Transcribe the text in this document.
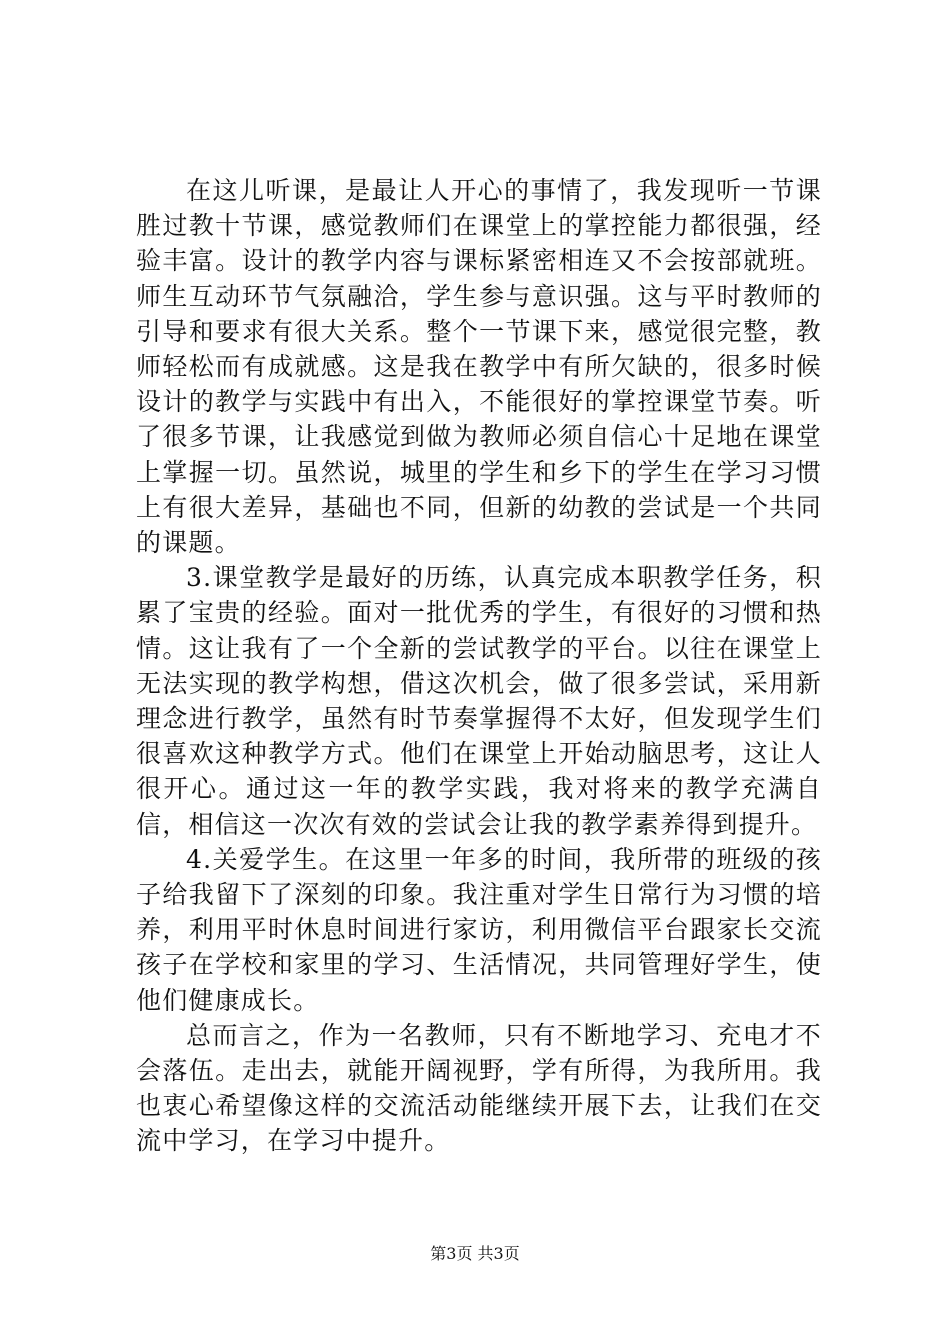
在这儿听课，是最让人开心的事情了，我发现听一节课胜过教十节课，感觉教师们在课堂上的掌控能力都很强，经验丰富。设计的教学内容与课标紧密相连又不会按部就班。师生互动环节气氛融洽，学生参与意识强。这与平时教师的引导和要求有很大关系。整个一节课下来，感觉很完整，教师轻松而有成就感。这是我在教学中有所欠缺的，很多时候设计的教学与实践中有出入，不能很好的掌控课堂节奏。听了很多节课，让我感觉到做为教师必须自信心十足地在课堂上掌握一切。虽然说，城里的学生和乡下的学生在学习习惯上有很大差异，基础也不同，但新的幼教的尝试是一个共同的课题。

3.课堂教学是最好的历练，认真完成本职教学任务，积累了宝贵的经验。面对一批优秀的学生，有很好的习惯和热情。这让我有了一个全新的尝试教学的平台。以往在课堂上无法实现的教学构想，借这次机会，做了很多尝试，采用新理念进行教学，虽然有时节奏掌握得不太好，但发现学生们很喜欢这种教学方式。他们在课堂上开始动脑思考，这让人很开心。通过这一年的教学实践，我对将来的教学充满自信，相信这一次次有效的尝试会让我的教学素养得到提升。

4.关爱学生。在这里一年多的时间，我所带的班级的孩子给我留下了深刻的印象。我注重对学生日常行为习惯的培养，利用平时休息时间进行家访，利用微信平台跟家长交流孩子在学校和家里的学习、生活情况，共同管理好学生，使他们健康成长。

总而言之，作为一名教师，只有不断地学习、充电才不会落伍。走出去，就能开阔视野，学有所得，为我所用。我也衷心希望像这样的交流活动能继续开展下去，让我们在交流中学习，在学习中提升。

第3页 共3页
